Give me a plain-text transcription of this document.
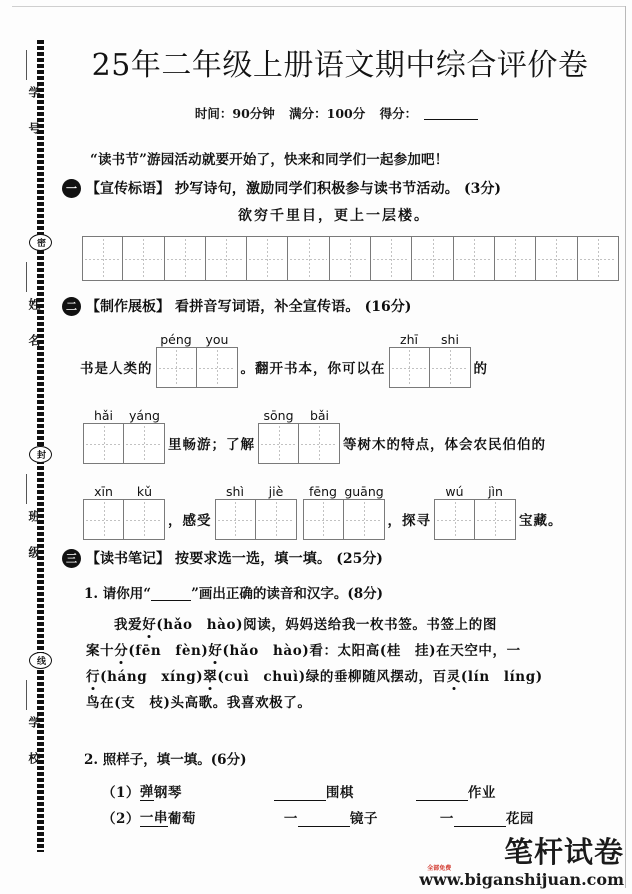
学 号
姓 名
班 级
学 校
密
封
线
25年二年级上册语文期中综合评价卷
时间：90分钟 满分：100分 得分：
“读书节”游园活动就要开始了，快来和同学们一起参加吧！
一 【宣传标语】 抄写诗句，激励同学们积极参与读书节活动。 (3分)
欲穷千里目，更上一层楼。
二 【制作展板】 看拼音写词语，补全宣传语。 (16分)
书是人类的
péng	you
。翻开书本，你可以在
zhī	shi
的
hǎi	yáng
里畅游；了解
sōng	bǎi
等树木的特点，体会农民伯伯的
xīn	kǔ
，感受
shì	jiè	fēng guāng
，探寻
wú	jìn
宝藏。
三 【读书笔记】 按要求选一选，填一填。 (25分)
1. 请你用“	”画出正确的读音和汉字。(8分)
我爱好(hǎo　hào)阅读，妈妈送给我一枚书签。书签上的图
案十分(fēn　fèn)好(hǎo　hào)看：太阳高(桂　挂)在天空中，一
行(háng　xíng)翠(cuì　chuì)绿的垂柳随风摆动，百灵(lín　líng)
鸟在(支　枝)头高歌。我喜欢极了。
2. 照样子，填一填。(6分)
（1） 弹 钢琴	围棋	作业
（2） 一串 葡萄	一	镜子	一	花园
全部免费	笔杆试卷
www.biganshijuan.com
